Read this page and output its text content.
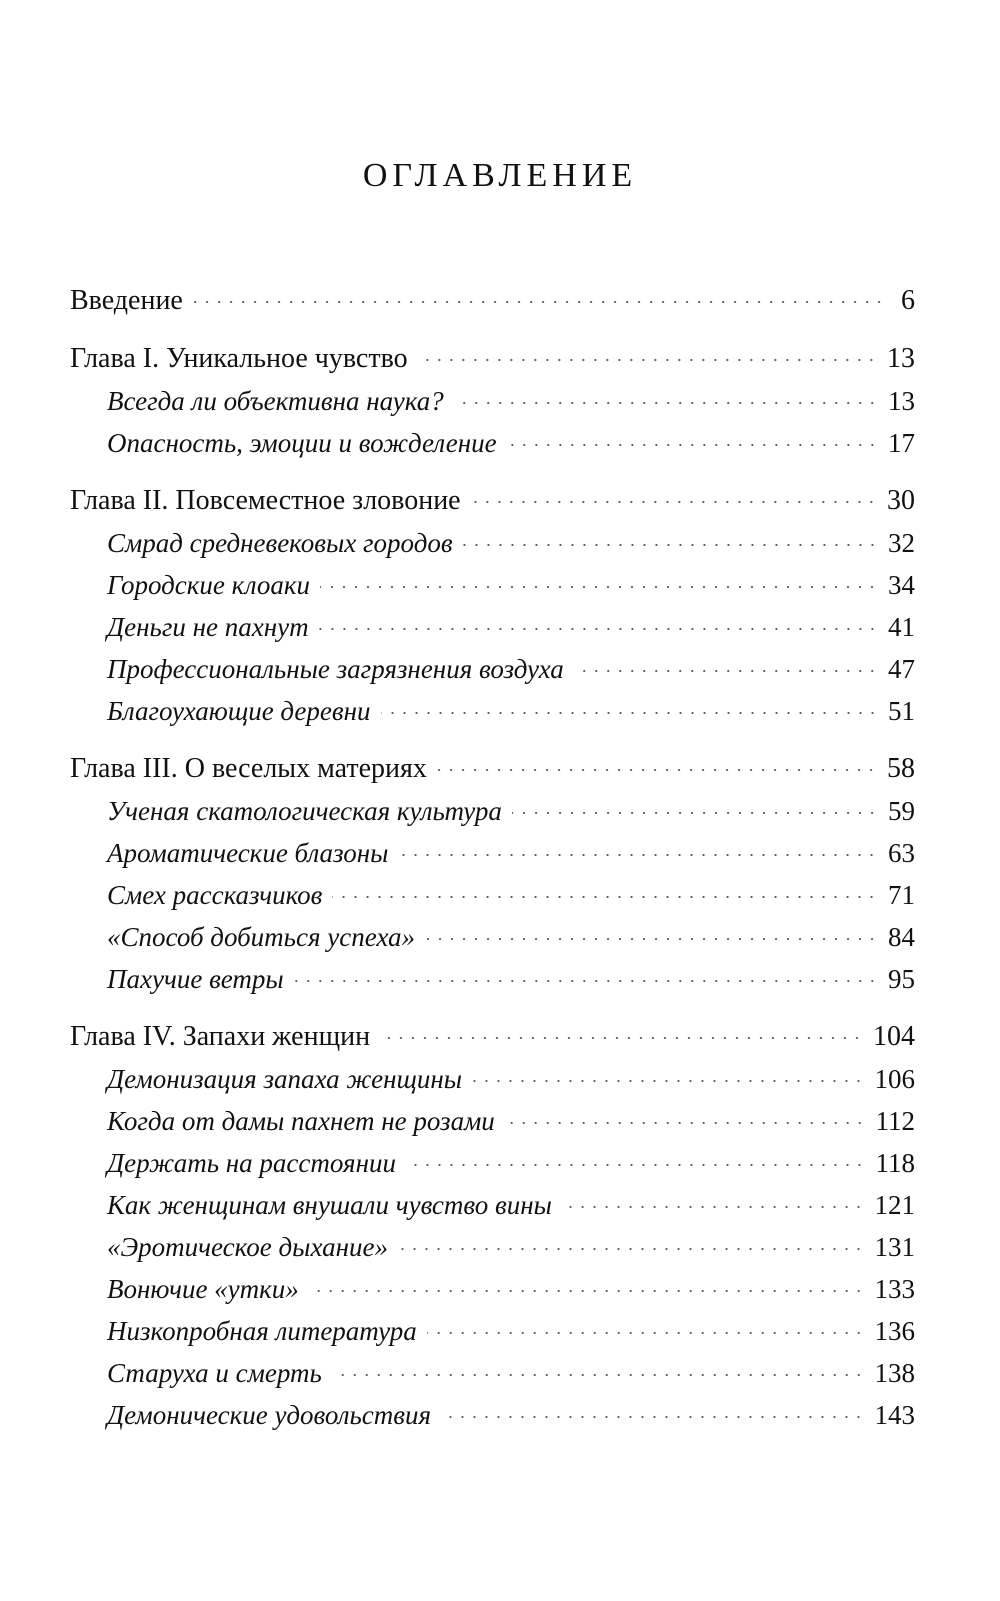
ОГЛАВЛЕНИЕ
Введение	6
Глава I. Уникальное чувство	13
Всегда ли объективна наука?	13
Опасность, эмоции и вожделение	17
Глава II. Повсеместное зловоние	30
Смрад средневековых городов	32
Городские клоаки	34
Деньги не пахнут	41
Профессиональные загрязнения воздуха	47
Благоухающие деревни	51
Глава III. О веселых материях	58
Ученая скатологическая культура	59
Ароматические блазоны	63
Смех рассказчиков	71
«Способ добиться успеха»	84
Пахучие ветры	95
Глава IV. Запахи женщин	104
Демонизация запаха женщины	106
Когда от дамы пахнет не розами	112
Держать на расстоянии	118
Как женщинам внушали чувство вины	121
«Эротическое дыхание»	131
Вонючие «утки»	133
Низкопробная литература	136
Старуха и смерть	138
Демонические удовольствия	143
